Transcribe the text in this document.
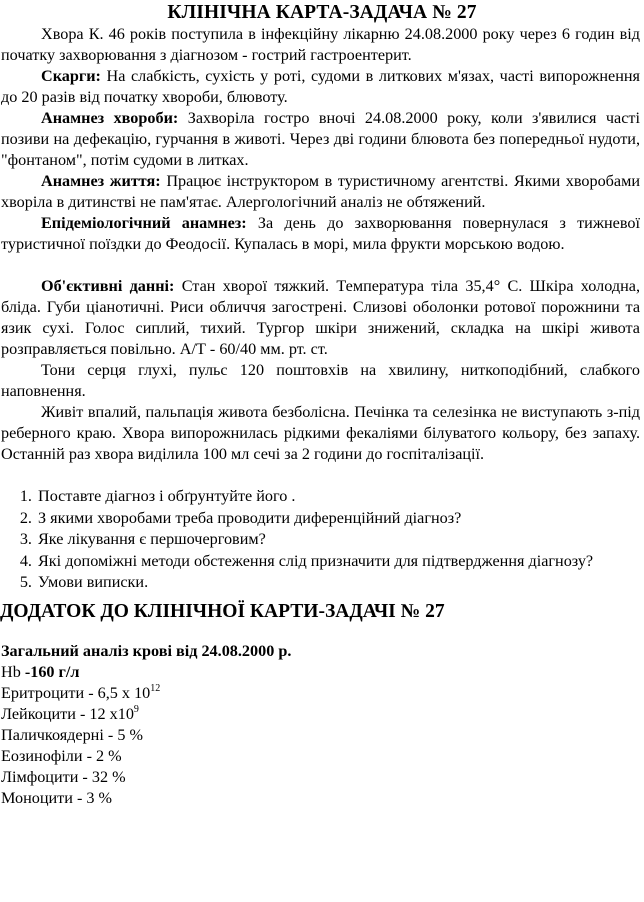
КЛІНІЧНА КАРТА-ЗАДАЧА № 27

Хвора К. 46 років поступила в інфекційну лікарню 24.08.2000 року через 6 годин від початку захворювання з діагнозом - гострий гастроентерит.

Скарги: На слабкість, сухість у роті, судоми в литкових м'язах, часті випорожнення до 20 разів від початку хвороби, блювоту.

Анамнез хвороби: Захворіла гостро вночі 24.08.2000 року, коли з'явилися часті позиви на дефекацію, гурчання в животі. Через дві години блювота без попередньої нудоти, "фонтаном", потім судоми в литках.

Анамнез життя: Працює інструктором в туристичному агентстві. Якими хворобами хворіла в дитинстві не пам'ятає. Алергологічний аналіз не обтяжений.

Епідеміологічний анамнез: За день до захворювання повернулася з тижневої туристичної поїздки до Феодосії. Купалась в морі, мила фрукти морською водою.

Об'єктивні данні: Стан хворої тяжкий. Температура тіла 35,4° С. Шкіра холодна, бліда. Губи ціанотичні. Риси обличчя загострені. Слизові оболонки ротової порожнини та язик сухі. Голос сиплий, тихий. Тургор шкіри знижений, складка на шкірі живота розправляється повільно. А/Т - 60/40 мм. рт. ст.

Тони серця глухі, пульс 120 поштовхів на хвилину, ниткоподібний, слабкого наповнення.

Живіт впалий, пальпація живота безболісна. Печінка та селезінка не виступають з-під реберного краю. Хвора випорожнилась рідкими фекаліями білуватого кольору, без запаху. Останній раз хвора виділила 100 мл сечі за 2 години до госпіталізації.

1. Поставте діагноз і обґрунтуйте його .
2. З якими хворобами треба проводити диференційний діагноз?
3. Яке лікування є першочерговим?
4. Які допоміжні методи обстеження слід призначити для підтвердження діагнозу?
5. Умови виписки.
ДОДАТОК ДО КЛІНІЧНОЇ КАРТИ-ЗАДАЧІ № 27

Загальний аналіз крові від 24.08.2000 р.

Нb -160 г/л

Еритроцити - 6,5 х $10^{12}$

Лейкоцити - 12 $х10^9$

Паличкоядерні - 5 %

Еозинофіли - 2 %

Лімфоцити - 32 %

Моноцити - 3 %
